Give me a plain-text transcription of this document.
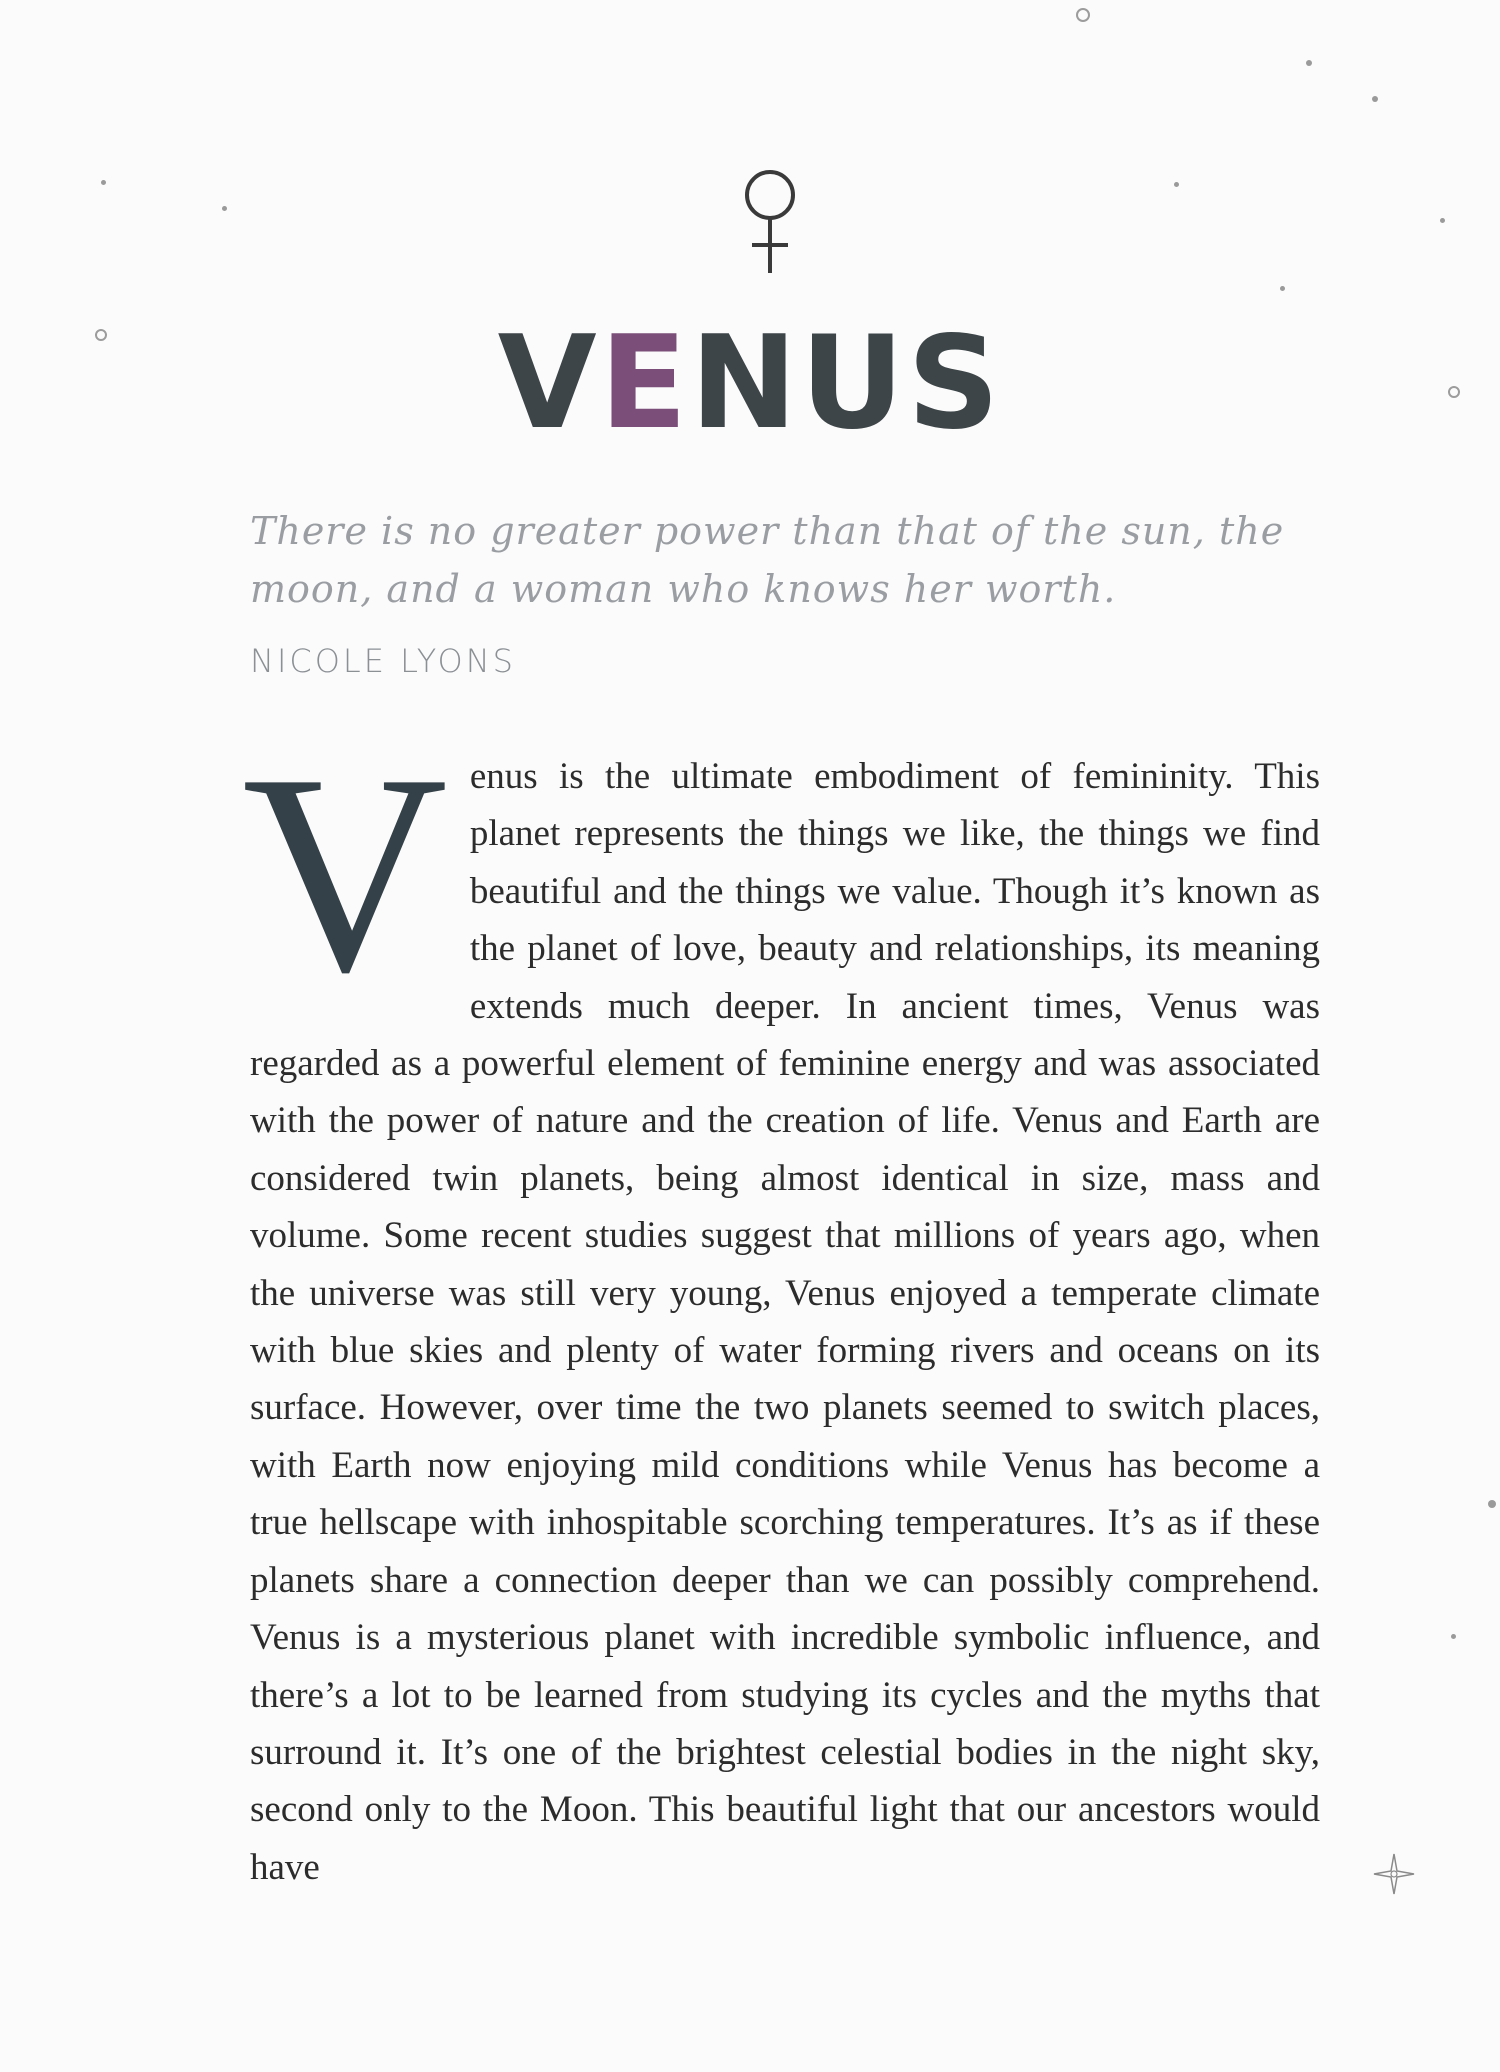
VENUS
There is no greater power than that of the sun, the moon, and a woman who knows her worth.
NICOLE LYONS
V enus is the ultimate embodiment of femininity. This planet represents the things we like, the things we find beautiful and the things we value. Though it’s known as the planet of love, beauty and relationships, its meaning extends much deeper. In ancient times, Venus was regarded as a powerful element of feminine energy and was associated with the power of nature and the creation of life. Venus and Earth are considered twin planets, being almost identical in size, mass and volume. Some recent studies suggest that millions of years ago, when the universe was still very young, Venus enjoyed a temperate climate with blue skies and plenty of water forming rivers and oceans on its surface. However, over time the two planets seemed to switch places, with Earth now enjoying mild conditions while Venus has become a true hellscape with inhospitable scorching temperatures. It’s as if these planets share a connection deeper than we can possibly comprehend. Venus is a mysterious planet with incredible symbolic influence, and there’s a lot to be learned from studying its cycles and the myths that surround it. It’s one of the brightest celestial bodies in the night sky, second only to the Moon. This beautiful light that our ancestors would have
